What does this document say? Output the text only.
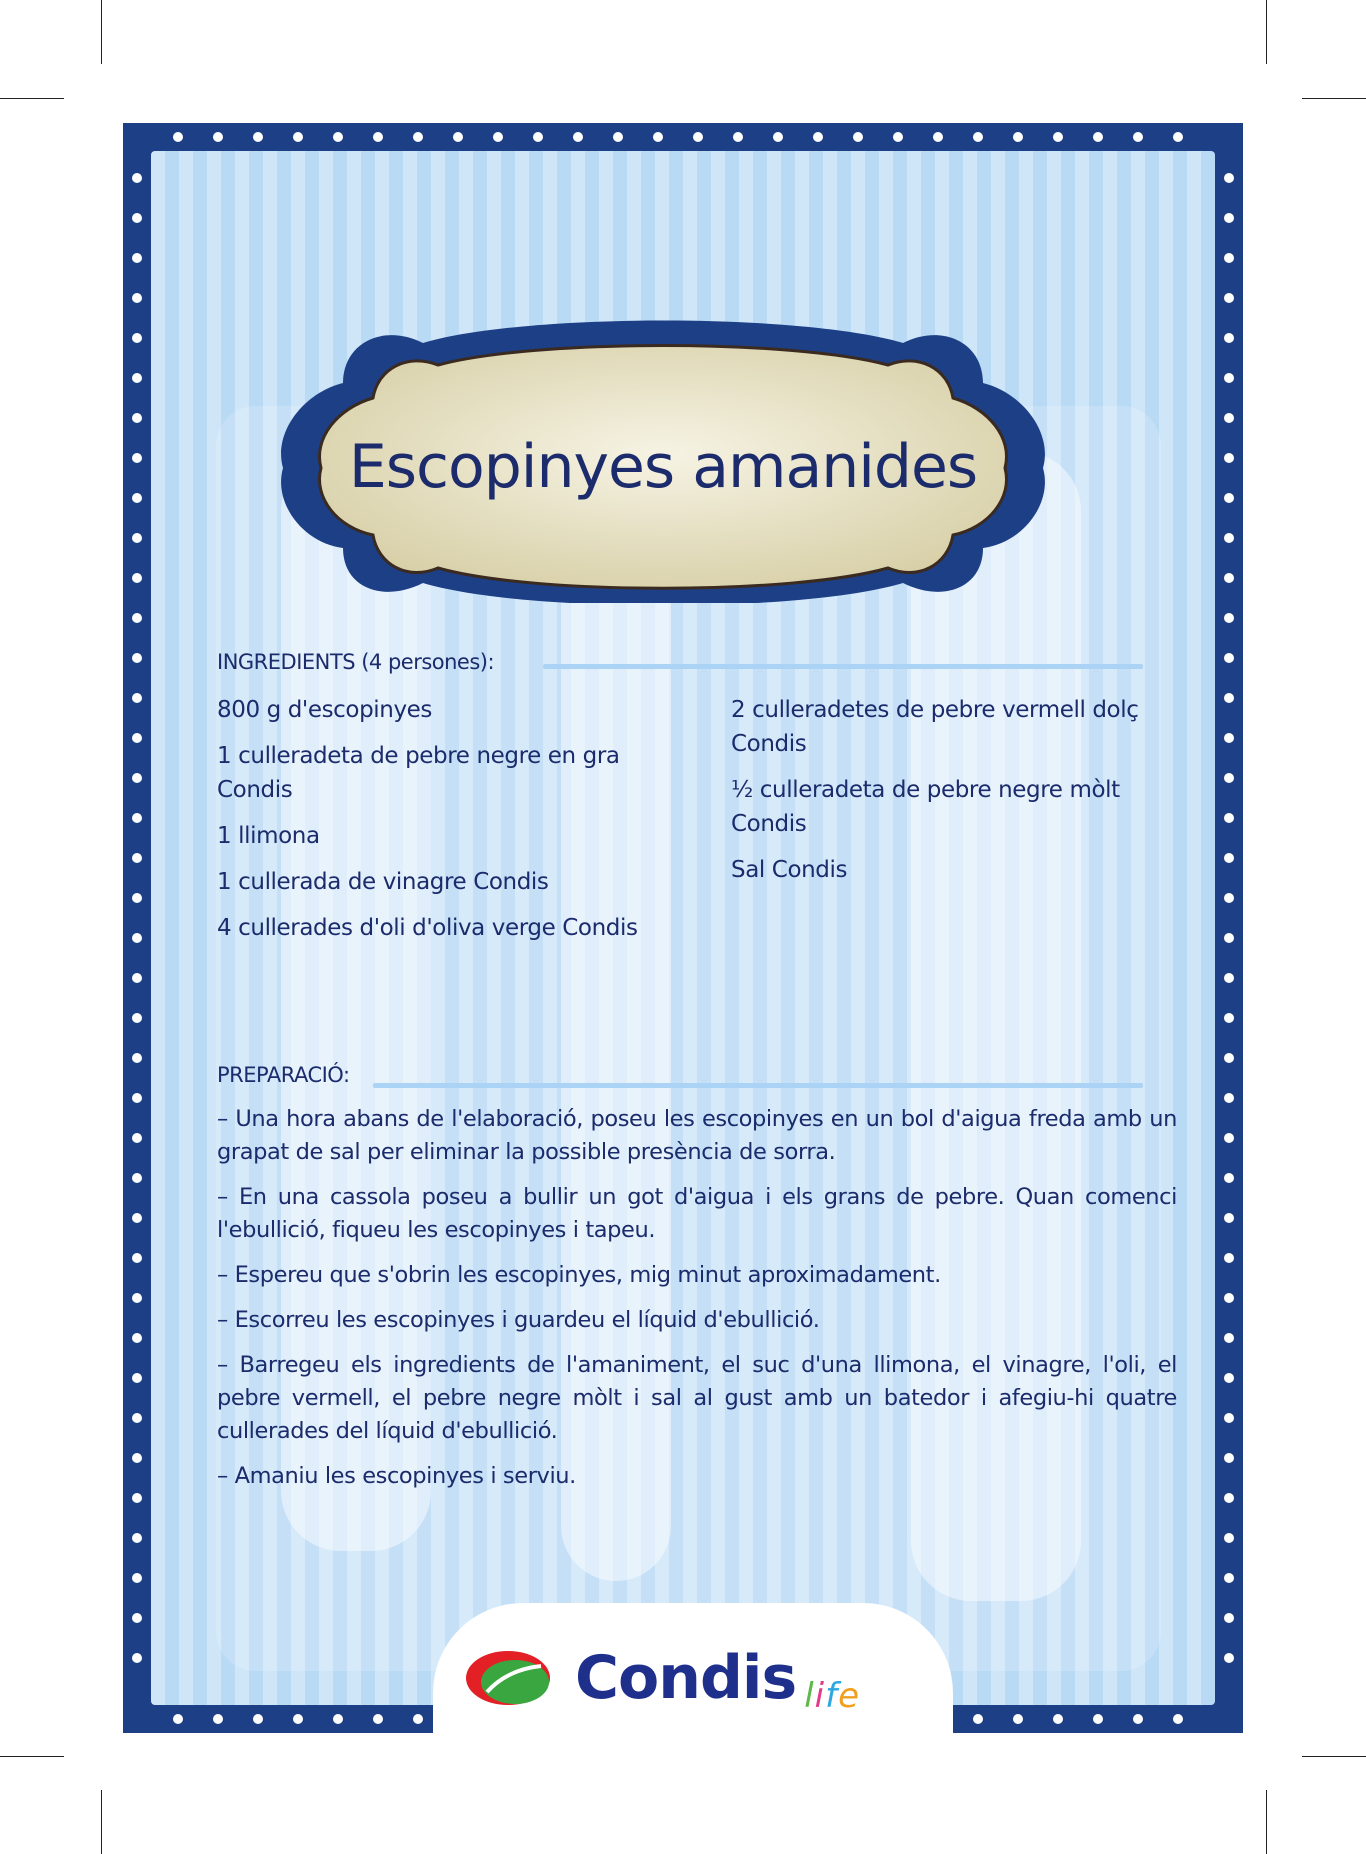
Escopinyes amanides
INGREDIENTS (4 persones):
800 g d'escopinyes
1 culleradeta de pebre negre en gra Condis
1 llimona
1 cullerada de vinagre Condis
4 cullerades d'oli d'oliva verge Condis
2 culleradetes de pebre vermell dolç Condis
½ culleradeta de pebre negre mòlt Condis
Sal Condis
PREPARACIÓ:
– Una hora abans de l'elaboració, poseu les escopinyes en un bol d'aigua freda amb un grapat de sal per eliminar la possible presència de sorra.
– En una cassola poseu a bullir un got d'aigua i els grans de pebre. Quan comenci l'ebullició, fiqueu les escopinyes i tapeu.
– Espereu que s'obrin les escopinyes, mig minut aproximadament.
– Escorreu les escopinyes i guardeu el líquid d'ebullició.
– Barregeu els ingredients de l'amaniment, el suc d'una llimona, el vinagre, l'oli, el pebre vermell, el pebre negre mòlt i sal al gust amb un batedor i afegiu-hi quatre cullerades del líquid d'ebullició.
– Amaniu les escopinyes i serviu.
Condis life
